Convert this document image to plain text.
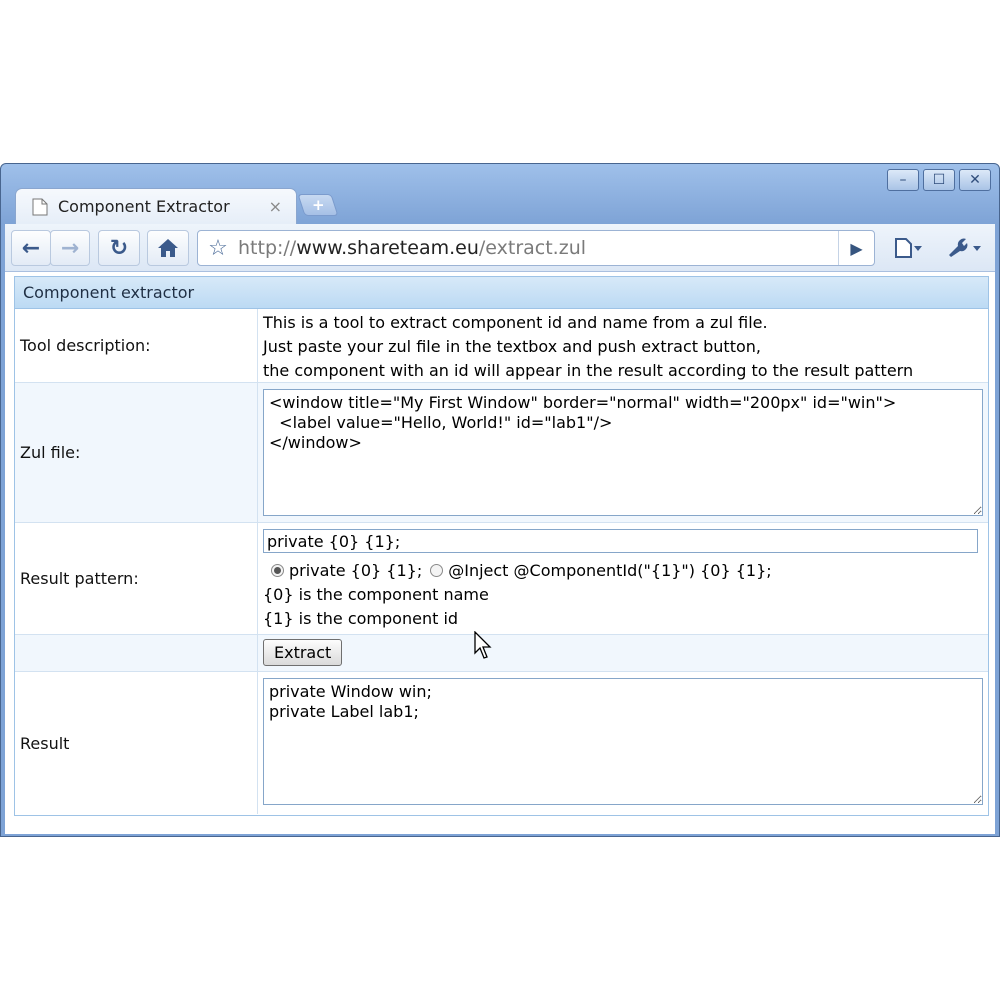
– ☐ ✕
Component Extractor	× +
← → ↻	☆ http://www.shareteam.eu/extract.zul	▶
Component extractor
Tool description:
This is a tool to extract component id and name from a zul file.
Just paste your zul file in the textbox and push extract button,
the component with an id will appear in the result according to the result pattern
Zul file:
<window title="My First Window" border="normal" width="200px" id="win"> <label value="Hello, World!" id="lab1"/> </window>
Result pattern:
private {0} {1};	private {0} {1}; @Inject @ComponentId("{1}") {0} {1};
{0} is the component name
{1} is the component id
Extract
Result
private Window win; private Label lab1;
